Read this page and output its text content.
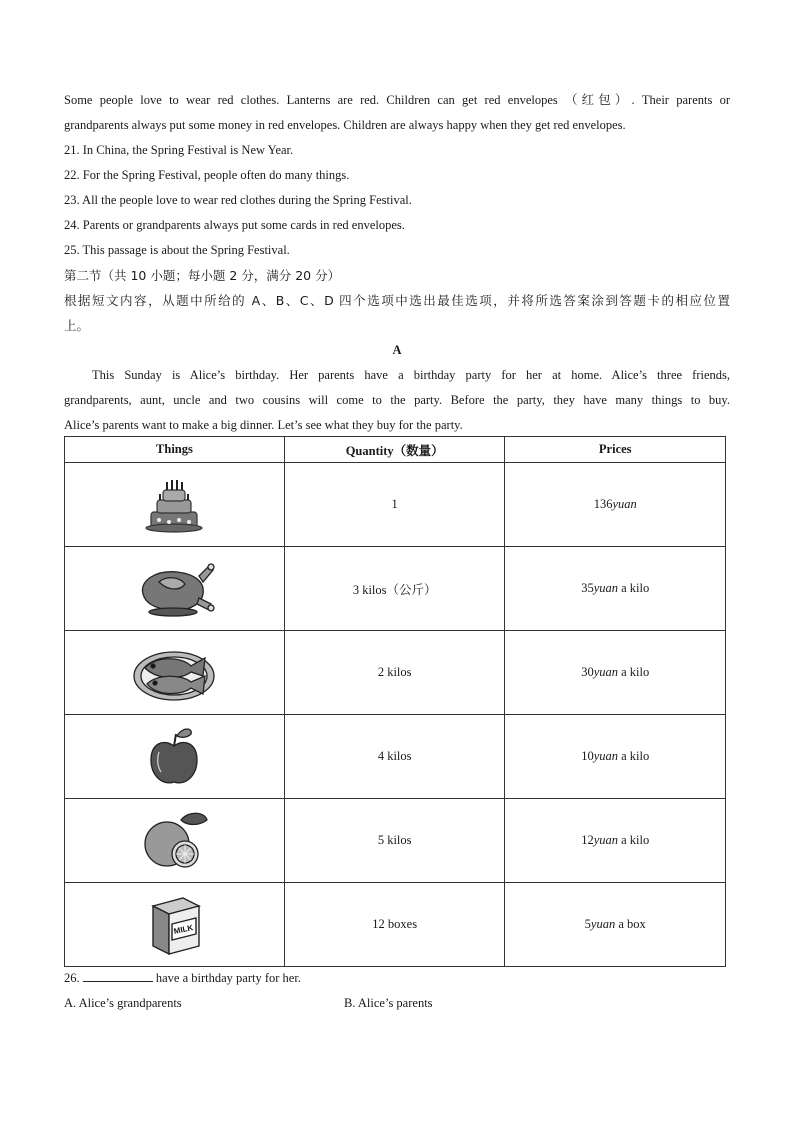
Some people love to wear red clothes. Lanterns are red. Children can get red envelopes （红包）. Their parents or

grandparents always put some money in red envelopes. Children are always happy when they get red envelopes.

21. In China, the Spring Festival is New Year.

22. For the Spring Festival, people often do many things.

23. All the people love to wear red clothes during the Spring Festival.

24. Parents or grandparents always put some cards in red envelopes.

25. This passage is about the Spring Festival.

第二节（共 10 小题；每小题 2 分，满分 20 分）

根据短文内容，从题中所给的 A、B、C、D 四个选项中选出最佳选项，并将所选答案涂到答题卡的相应位置

上。

A

This Sunday is Alice’s birthday. Her parents have a birthday party for her at home. Alice’s three friends,

grandparents, aunt, uncle and two cousins will come to the party. Before the party, they have many things to buy.

Alice’s parents want to make a big dinner. Let’s see what they buy for the party.

Things	Quantity（数量）	Prices
	1	136yuan
	3 kilos（公斤）	35yuan a kilo
	2 kilos	30yuan a kilo
	4 kilos	10yuan a kilo
	5 kilos	12yuan a kilo

MILK	12 boxes	5yuan a box

26.	have a birthday party for her.

A. Alice’s grandparents	B. Alice’s parents
